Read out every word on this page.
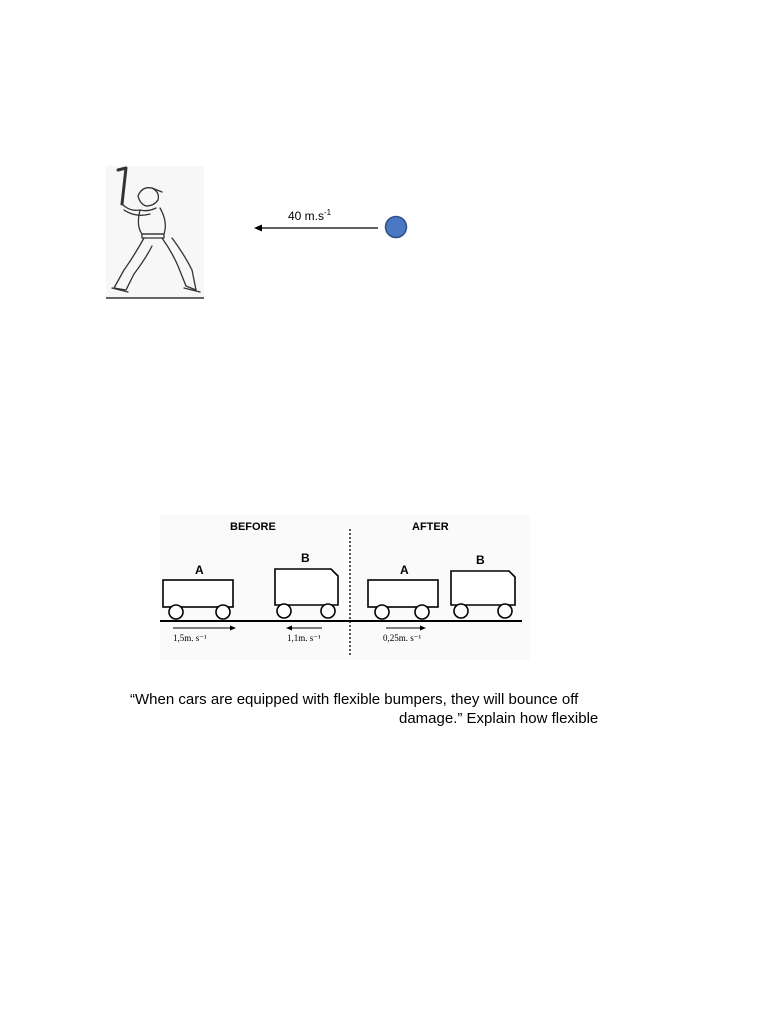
40 $m.s^{-1}$
BEFORE	AFTER
A
B
1,5m. s⁻¹	1,1m. s⁻¹
A
B
0,25m. s⁻¹
“When cars are equipped with flexible bumpers, they will bounce off
damage.” Explain how flexible
